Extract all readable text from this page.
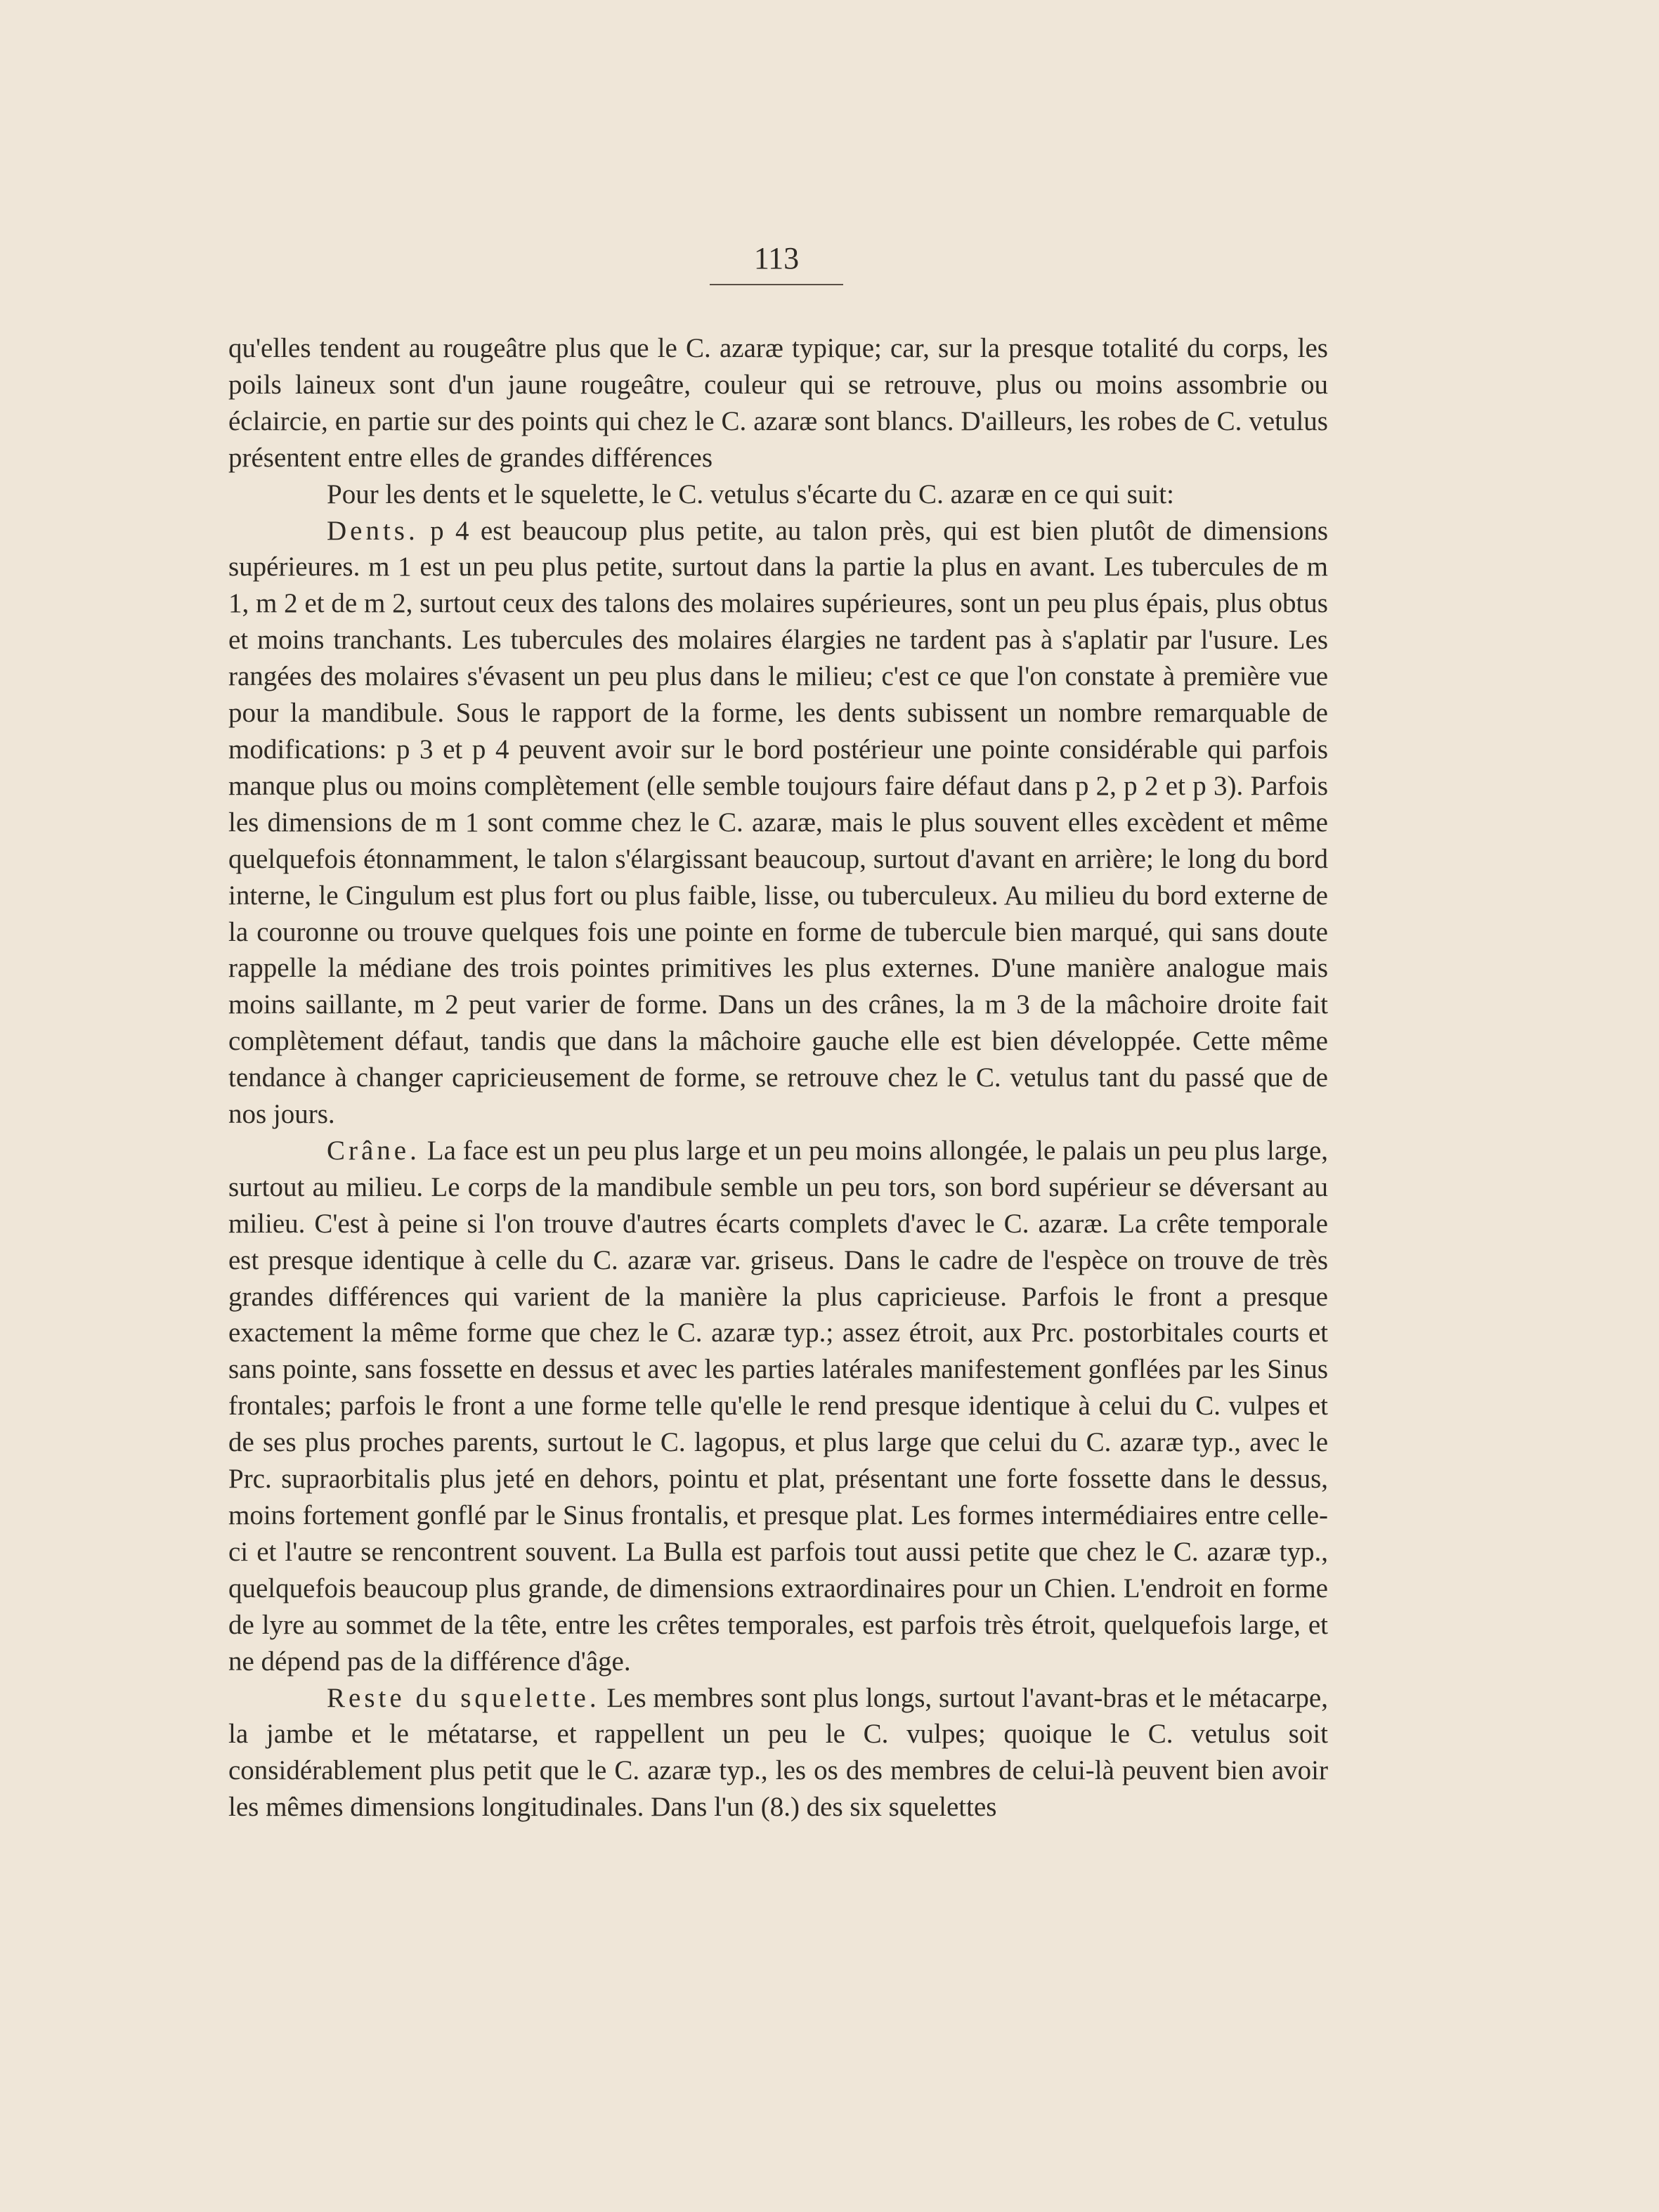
113

qu'elles tendent au rougeâtre plus que le C. azaræ typique; car, sur la presque totalité du corps, les poils laineux sont d'un jaune rougeâtre, couleur qui se retrouve, plus ou moins assombrie ou éclaircie, en partie sur des points qui chez le C. azaræ sont blancs. D'ailleurs, les robes de C. vetulus présentent entre elles de grandes différences

Pour les dents et le squelette, le C. vetulus s'écarte du C. azaræ en ce qui suit:

Dents. p 4 est beaucoup plus petite, au talon près, qui est bien plutôt de dimensions supérieures. m 1 est un peu plus petite, surtout dans la partie la plus en avant. Les tubercules de m 1, m 2 et de m 2, surtout ceux des talons des molaires supérieures, sont un peu plus épais, plus obtus et moins tranchants. Les tubercules des molaires élargies ne tardent pas à s'aplatir par l'usure. Les rangées des molaires s'évasent un peu plus dans le milieu; c'est ce que l'on constate à première vue pour la mandibule. Sous le rapport de la forme, les dents subissent un nombre remarquable de modifications: p 3 et p 4 peuvent avoir sur le bord postérieur une pointe considérable qui parfois manque plus ou moins complètement (elle semble toujours faire défaut dans p 2, p 2 et p 3). Parfois les dimensions de m 1 sont comme chez le C. azaræ, mais le plus souvent elles excèdent et même quelquefois étonnamment, le talon s'élargissant beaucoup, surtout d'avant en arrière; le long du bord interne, le Cingulum est plus fort ou plus faible, lisse, ou tuberculeux. Au milieu du bord externe de la couronne ou trouve quelques fois une pointe en forme de tubercule bien marqué, qui sans doute rappelle la médiane des trois pointes primitives les plus externes. D'une manière analogue mais moins saillante, m 2 peut varier de forme. Dans un des crânes, la m 3 de la mâchoire droite fait complètement défaut, tandis que dans la mâchoire gauche elle est bien développée. Cette même tendance à changer capricieusement de forme, se retrouve chez le C. vetulus tant du passé que de nos jours.

Crâne. La face est un peu plus large et un peu moins allongée, le palais un peu plus large, surtout au milieu. Le corps de la mandibule semble un peu tors, son bord supérieur se déversant au milieu. C'est à peine si l'on trouve d'autres écarts complets d'avec le C. azaræ. La crête temporale est presque identique à celle du C. azaræ var. griseus. Dans le cadre de l'espèce on trouve de très grandes différences qui varient de la manière la plus capricieuse. Parfois le front a presque exactement la même forme que chez le C. azaræ typ.; assez étroit, aux Prc. postorbitales courts et sans pointe, sans fossette en dessus et avec les parties latérales manifestement gonflées par les Sinus frontales; parfois le front a une forme telle qu'elle le rend presque identique à celui du C. vulpes et de ses plus proches parents, surtout le C. lagopus, et plus large que celui du C. azaræ typ., avec le Prc. supraorbitalis plus jeté en dehors, pointu et plat, présentant une forte fossette dans le dessus, moins fortement gonflé par le Sinus frontalis, et presque plat. Les formes intermédiaires entre celle-ci et l'autre se rencontrent souvent. La Bulla est parfois tout aussi petite que chez le C. azaræ typ., quelquefois beaucoup plus grande, de dimensions extraordinaires pour un Chien. L'endroit en forme de lyre au sommet de la tête, entre les crêtes temporales, est parfois très étroit, quelquefois large, et ne dépend pas de la différence d'âge.

Reste du squelette. Les membres sont plus longs, surtout l'avant-bras et le métacarpe, la jambe et le métatarse, et rappellent un peu le C. vulpes; quoique le C. vetulus soit considérablement plus petit que le C. azaræ typ., les os des membres de celui-là peuvent bien avoir les mêmes dimensions longitudinales. Dans l'un (8.) des six squelettes
